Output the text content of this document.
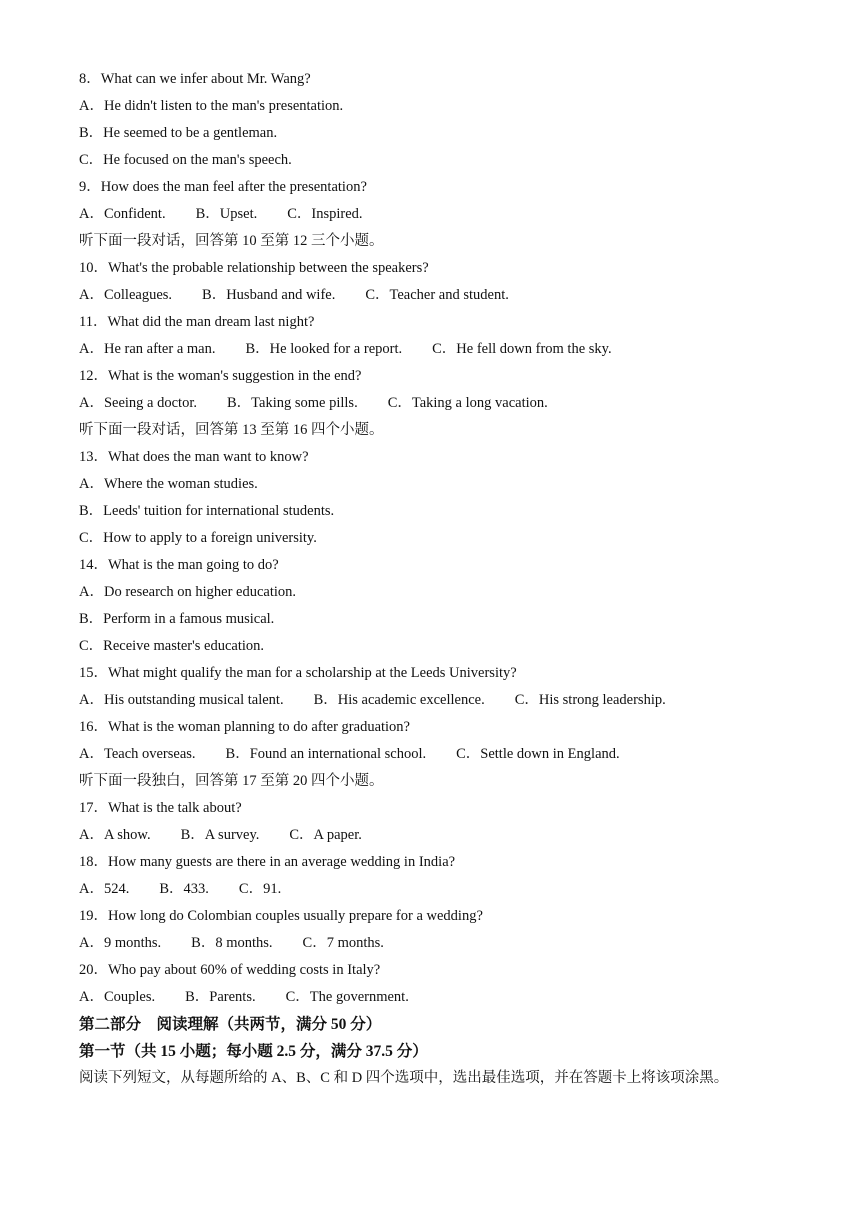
8．What can we infer about Mr. Wang?
A．He didn't listen to the man's presentation.
B．He seemed to be a gentleman.
C．He focused on the man's speech.
9．How does the man feel after the presentation?
A．Confident. B．Upset. C．Inspired.
听下面一段对话，回答第 10 至第 12 三个小题。
10．What's the probable relationship between the speakers?
A．Colleagues. B．Husband and wife. C．Teacher and student.
11．What did the man dream last night?
A．He ran after a man. B．He looked for a report. C．He fell down from the sky.
12．What is the woman's suggestion in the end?
A．Seeing a doctor. B．Taking some pills. C．Taking a long vacation.
听下面一段对话，回答第 13 至第 16 四个小题。
13．What does the man want to know?
A．Where the woman studies.
B．Leeds' tuition for international students.
C．How to apply to a foreign university.
14．What is the man going to do?
A．Do research on higher education.
B．Perform in a famous musical.
C．Receive master's education.
15．What might qualify the man for a scholarship at the Leeds University?
A．His outstanding musical talent. B．His academic excellence. C．His strong leadership.
16．What is the woman planning to do after graduation?
A．Teach overseas. B．Found an international school. C．Settle down in England.
听下面一段独白，回答第 17 至第 20 四个小题。
17．What is the talk about?
A．A show. B．A survey. C．A paper.
18．How many guests are there in an average wedding in India?
A．524. B．433. C．91.
19．How long do Colombian couples usually prepare for a wedding?
A．9 months. B．8 months. C．7 months.
20．Who pay about 60% of wedding costs in Italy?
A．Couples. B．Parents. C．The government.
第二部分　阅读理解（共两节，满分 50 分）
第一节（共 15 小题；每小题 2.5 分，满分 37.5 分）
阅读下列短文，从每题所给的 A、B、C 和 D 四个选项中，选出最佳选项，并在答题卡上将该项涂黑。
